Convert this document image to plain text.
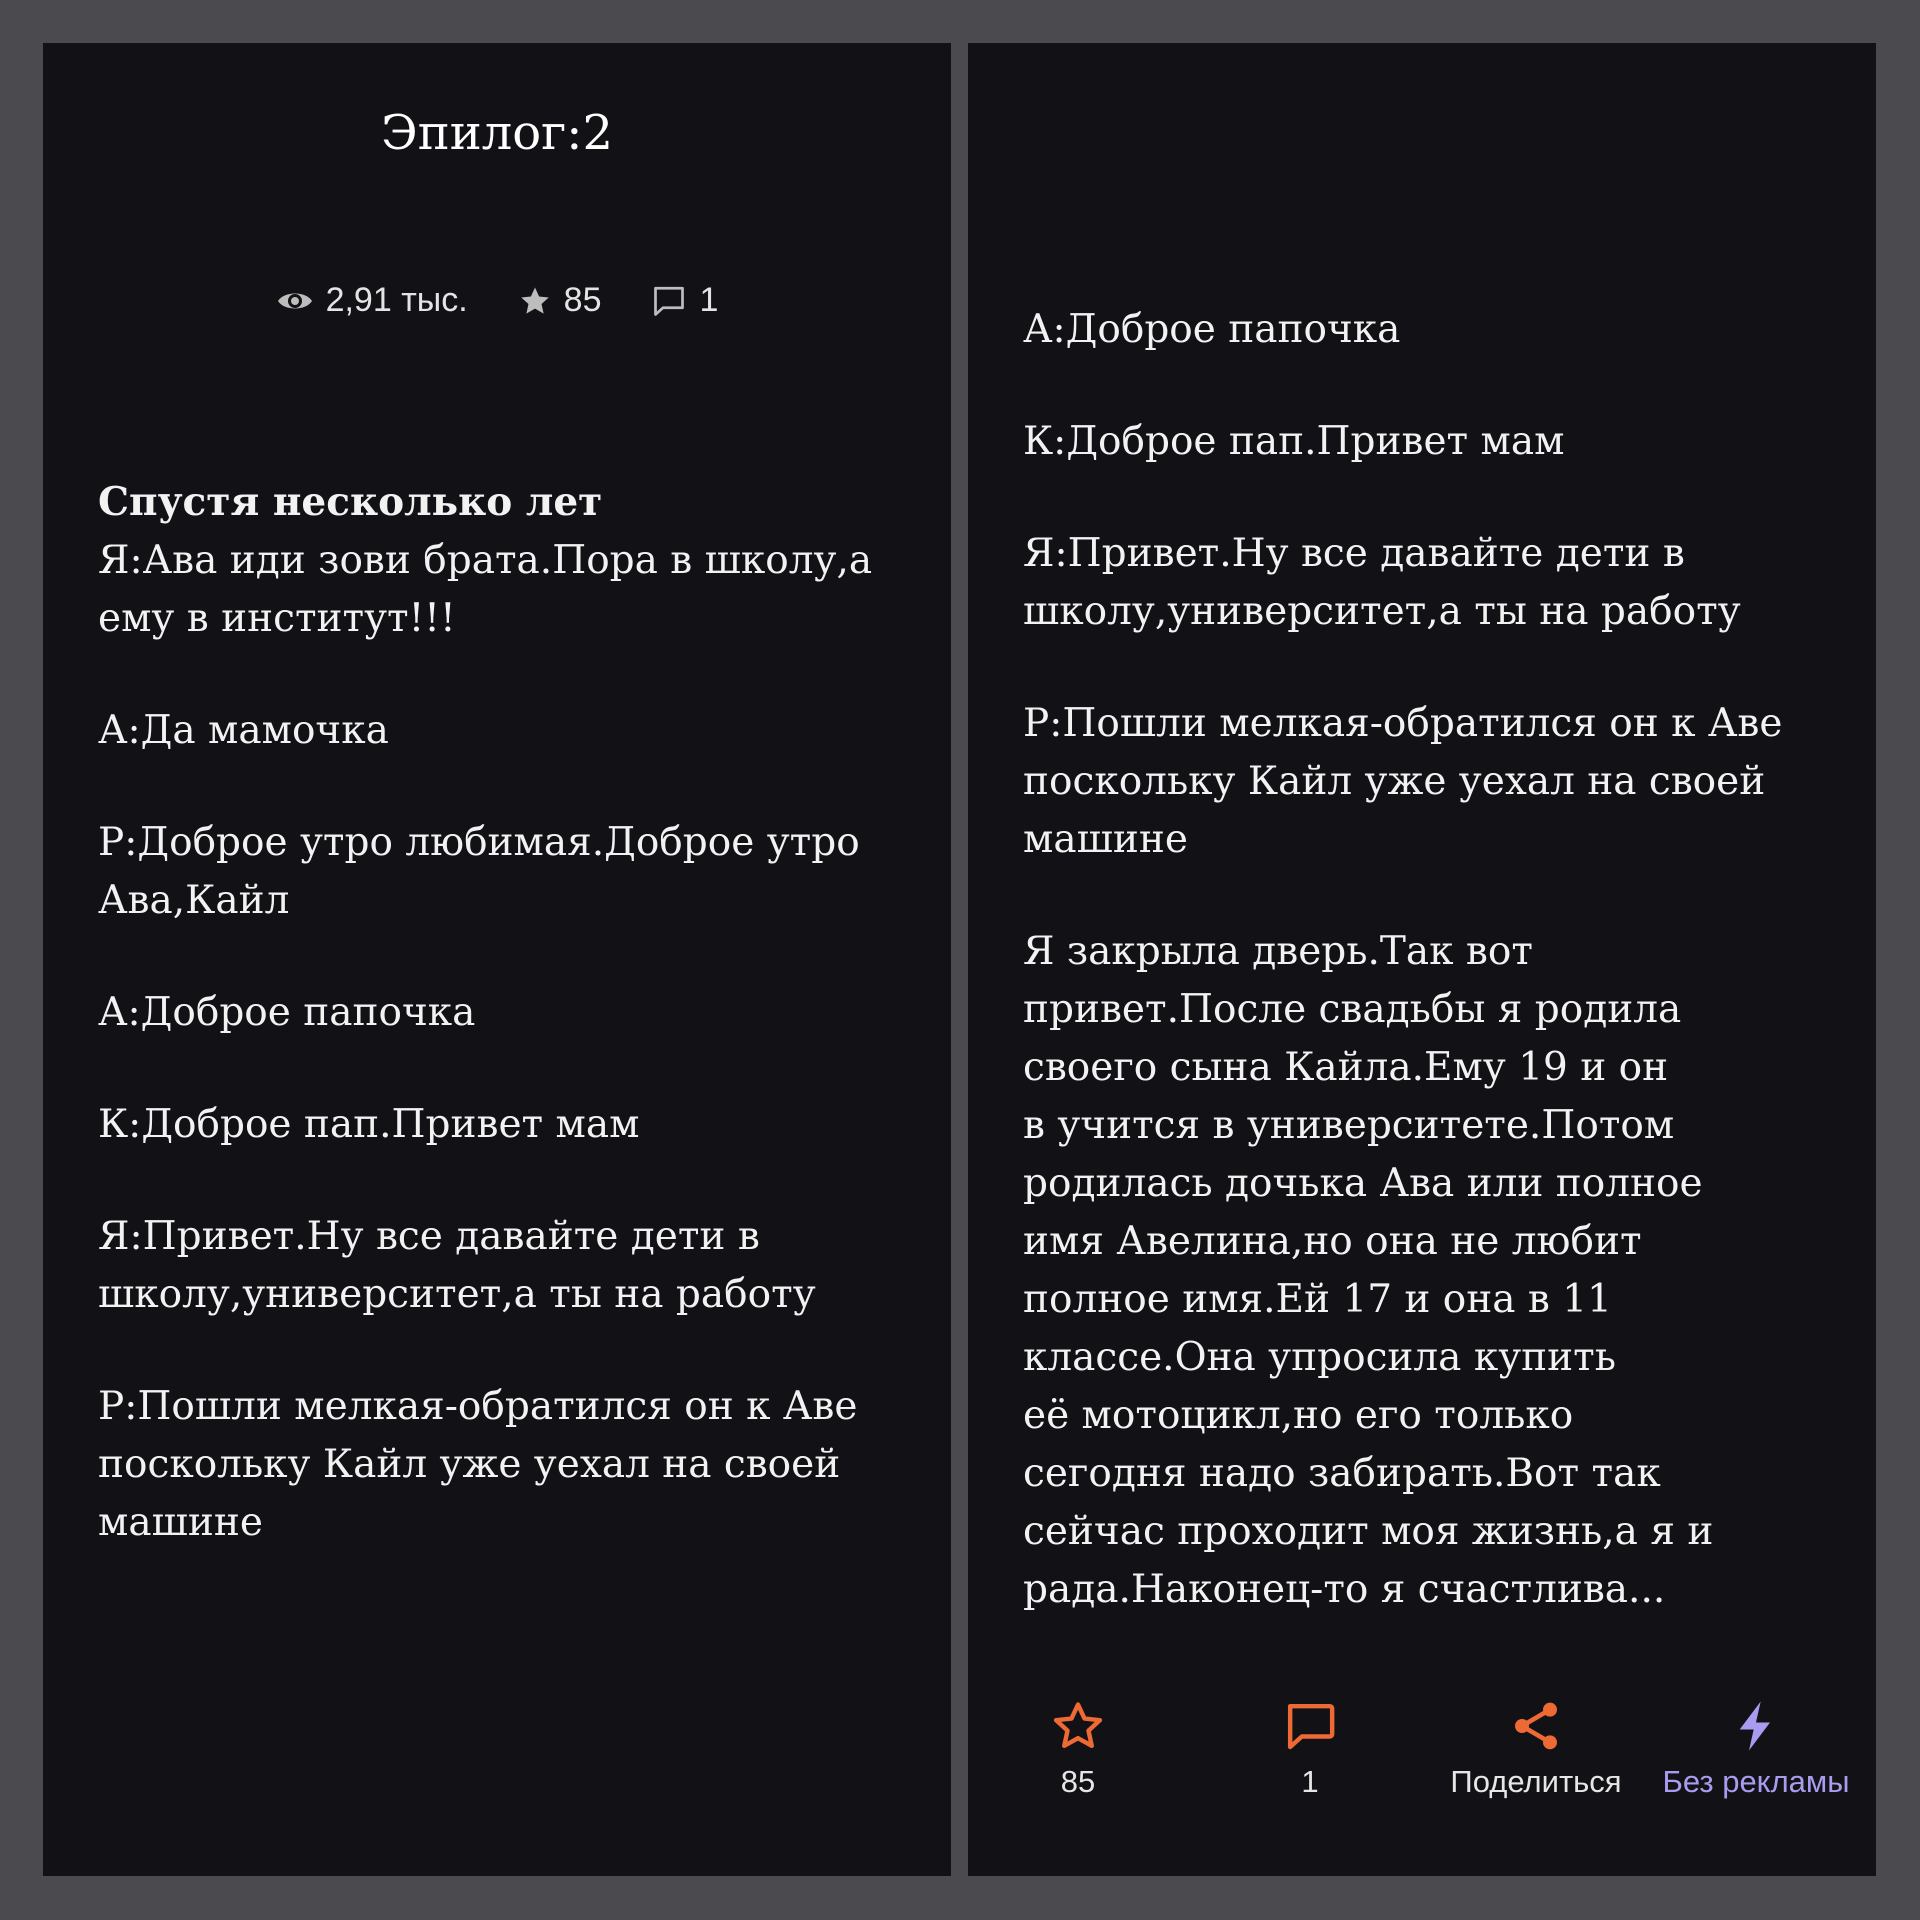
Эпилог:2
2,91 тыс.	85	1

Спустя несколько лет
Я:Ава иди зови брата.Пора в школу,а ему в институт!!!

А:Да мамочка

Р:Доброе утро любимая.Доброе утро Ава,Кайл

А:Доброе папочка

К:Доброе пап.Привет мам

Я:Привет.Ну все давайте дети в школу,университет,а ты на работу

Р:Пошли мелкая-обратился он к Аве поскольку Кайл уже уехал на своей машине

А:Доброе папочка

К:Доброе пап.Привет мам

Я:Привет.Ну все давайте дети в школу,университет,а ты на работу

Р:Пошли мелкая-обратился он к Аве поскольку Кайл уже уехал на своей машине

Я закрыла дверь.Так вот
привет.После свадьбы я родила
своего сына Кайла.Ему 19 и он
в учится в университете.Потом
родилась дочька Ава или полное
имя Авелина,но она не любит
полное имя.Ей 17 и она в 11
классе.Она упросила купить
её мотоцикл,но его только
сегодня надо забирать.Вот так
сейчас проходит моя жизнь,а я и
рада.Наконец-то я счастлива...

85	1	Поделиться Без рекламы
